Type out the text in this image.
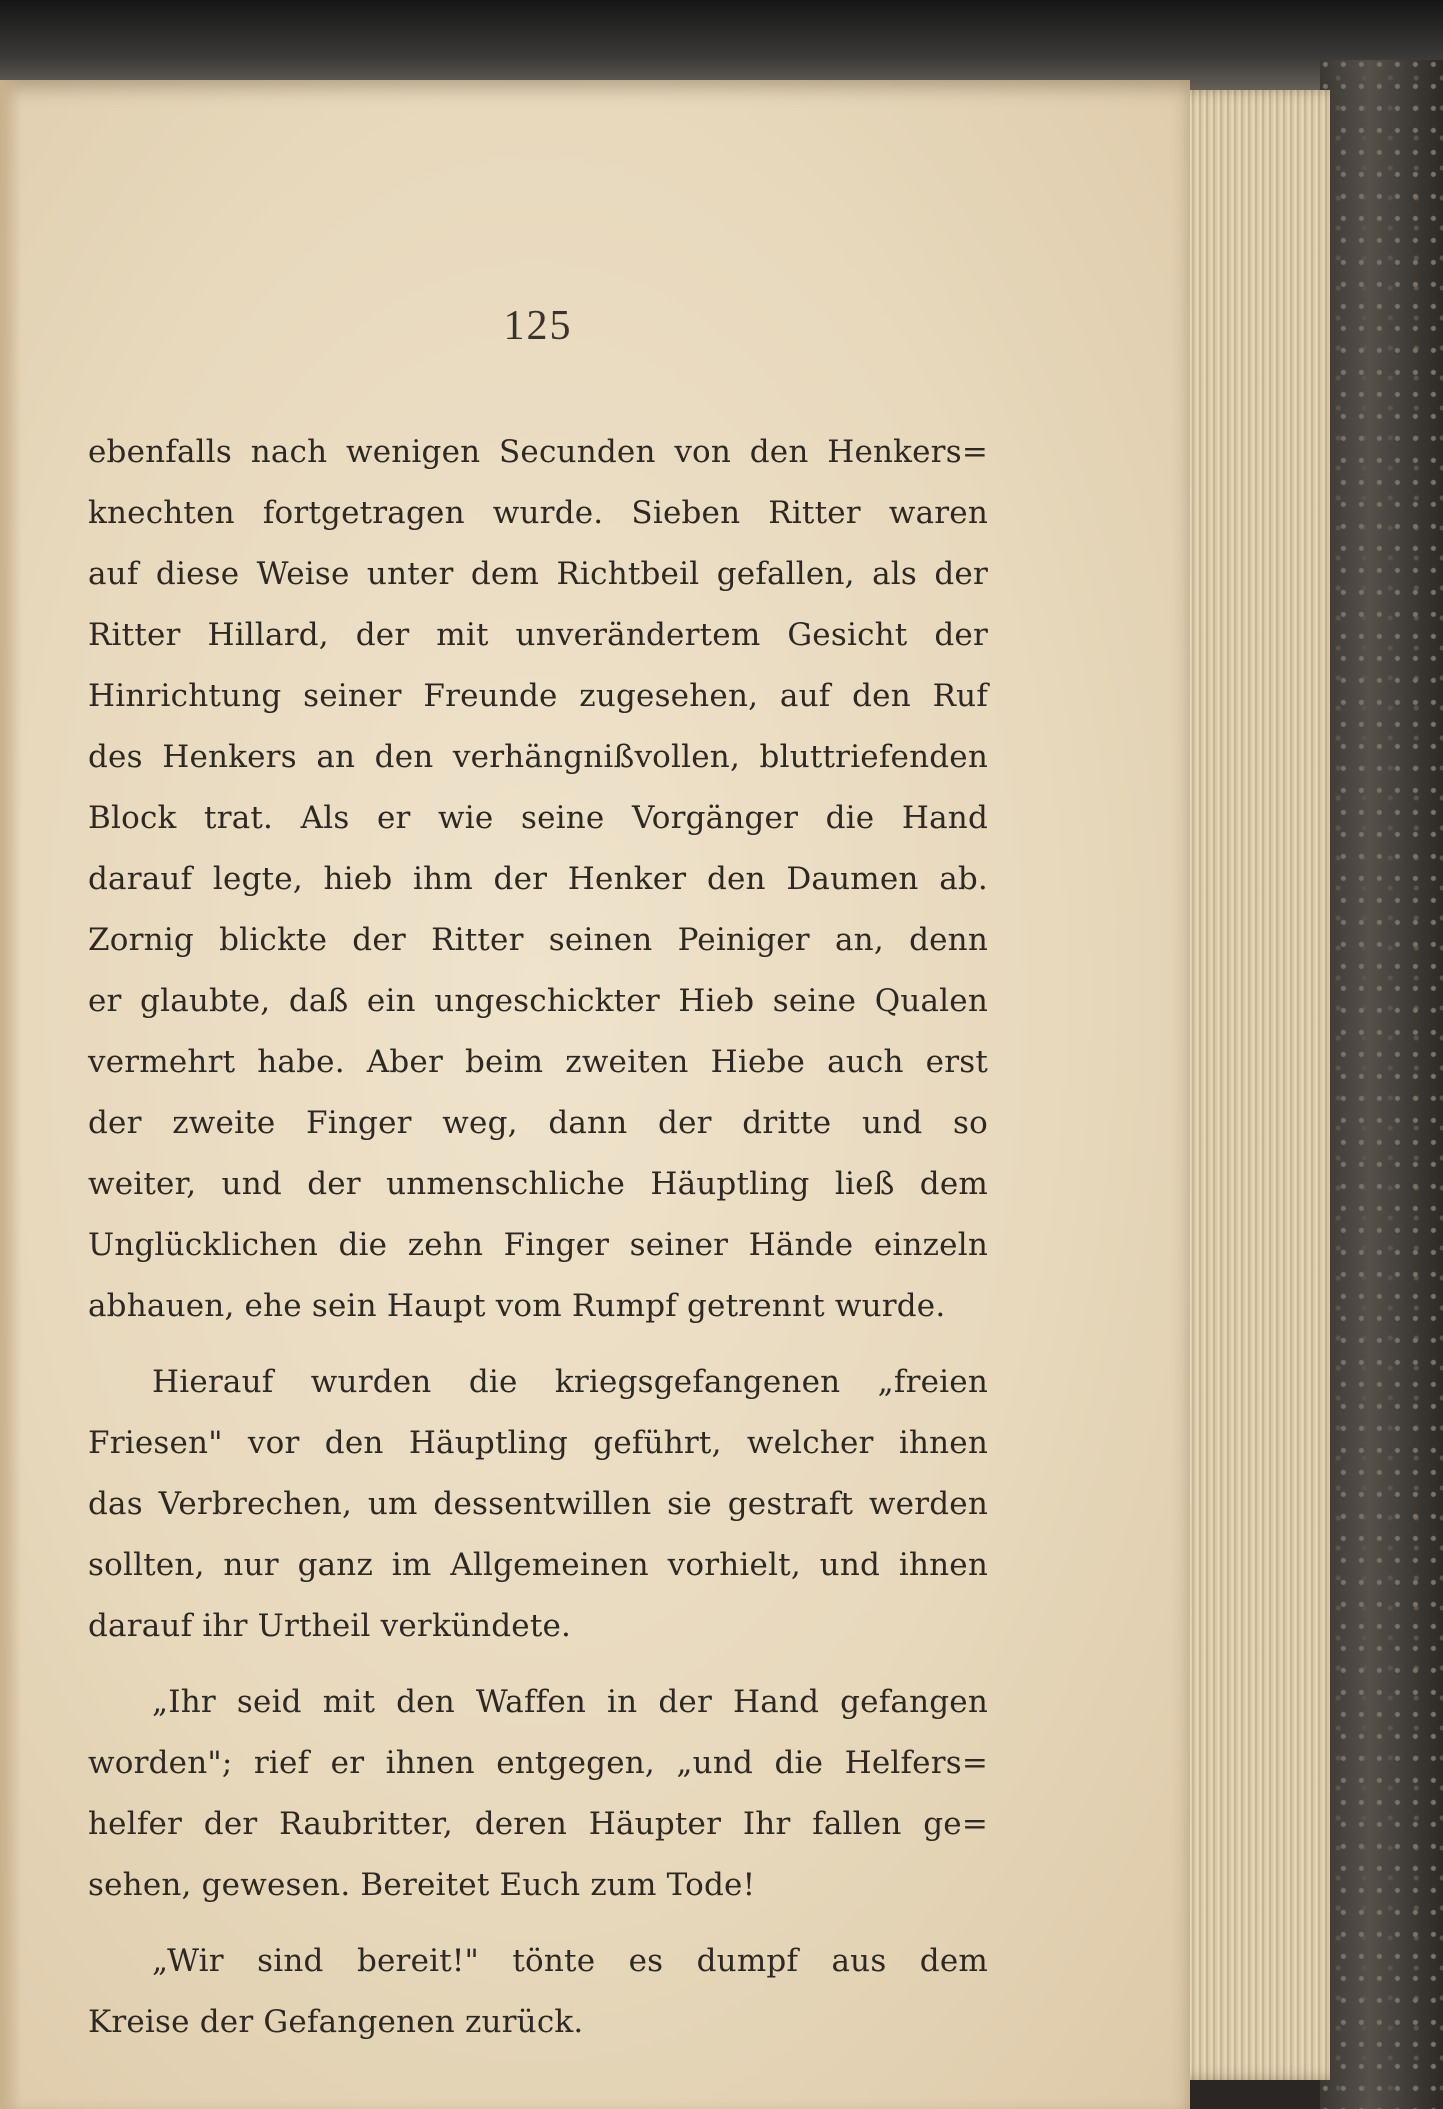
125
ebenfalls nach wenigen Secunden von den Henkers=
knechten fortgetragen wurde. Sieben Ritter waren
auf diese Weise unter dem Richtbeil gefallen, als der
Ritter Hillard, der mit unverändertem Gesicht der
Hinrichtung seiner Freunde zugesehen, auf den Ruf
des Henkers an den verhängnißvollen, bluttriefenden
Block trat. Als er wie seine Vorgänger die Hand
darauf legte, hieb ihm der Henker den Daumen ab.
Zornig blickte der Ritter seinen Peiniger an, denn
er glaubte, daß ein ungeschickter Hieb seine Qualen
vermehrt habe. Aber beim zweiten Hiebe auch erst
der zweite Finger weg, dann der dritte und so
weiter, und der unmenschliche Häuptling ließ dem
Unglücklichen die zehn Finger seiner Hände einzeln
abhauen, ehe sein Haupt vom Rumpf getrennt wurde.
Hierauf wurden die kriegsgefangenen „freien
Friesen" vor den Häuptling geführt, welcher ihnen
das Verbrechen, um dessentwillen sie gestraft werden
sollten, nur ganz im Allgemeinen vorhielt, und ihnen
darauf ihr Urtheil verkündete.
„Ihr seid mit den Waffen in der Hand gefangen
worden"; rief er ihnen entgegen, „und die Helfers=
helfer der Raubritter, deren Häupter Ihr fallen ge=
sehen, gewesen. Bereitet Euch zum Tode!
„Wir sind bereit!" tönte es dumpf aus dem
Kreise der Gefangenen zurück.
